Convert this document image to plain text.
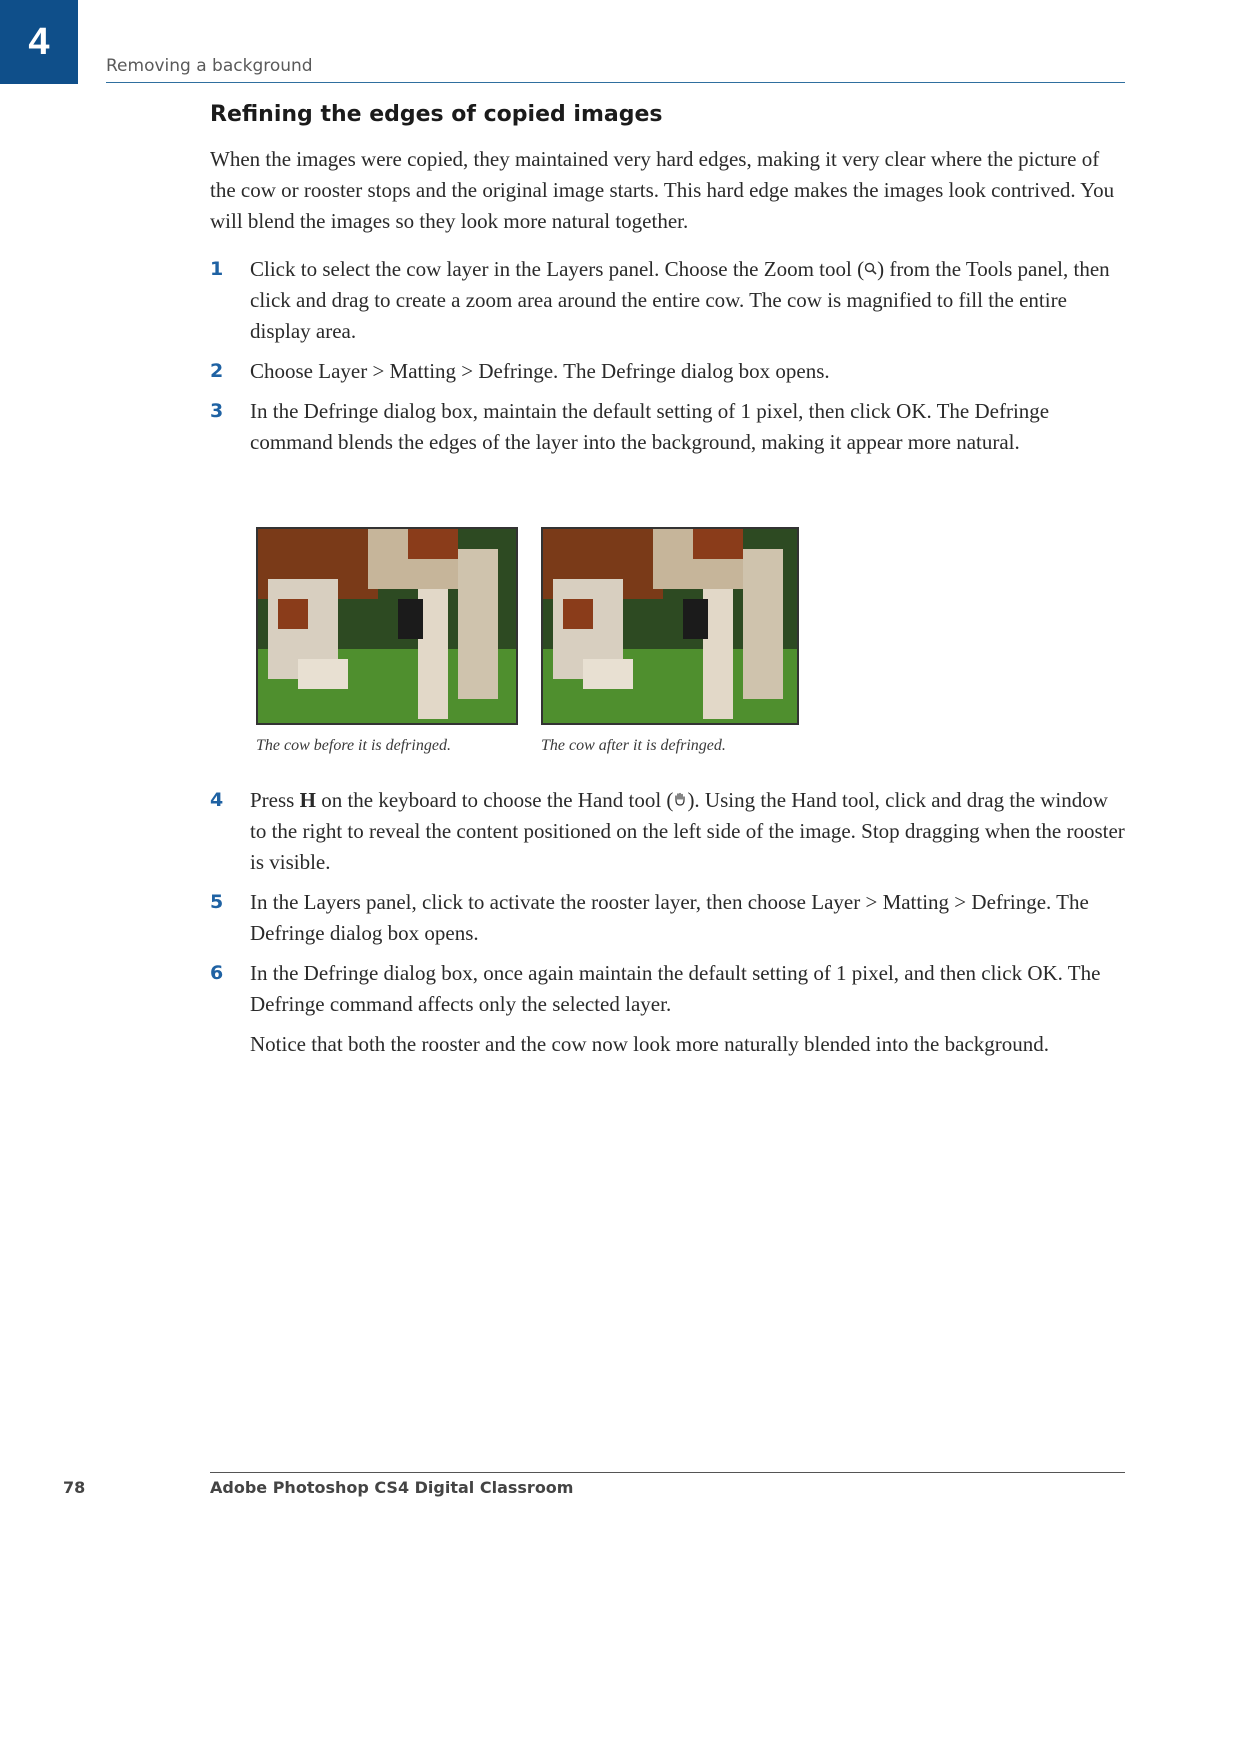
4
Removing a background
Refining the edges of copied images

When the images were copied, they maintained very hard edges, making it very clear where the picture of the cow or rooster stops and the original image starts. This hard edge makes the images look contrived. You will blend the images so they look more natural together.

1 Click to select the cow layer in the Layers panel. Choose the Zoom tool ( ) from the Tools panel, then click and drag to create a zoom area around the entire cow. The cow is magnified to fill the entire display area.
2 Choose Layer > Matting > Defringe. The Defringe dialog box opens.
3 In the Defringe dialog box, maintain the default setting of 1 pixel, then click OK. The Defringe command blends the edges of the layer into the background, making it appear more natural.
The cow before it is defringed.	The cow after it is defringed.
4 Press H on the keyboard to choose the Hand tool ( ). Using the Hand tool, click and drag the window to the right to reveal the content positioned on the left side of the image. Stop dragging when the rooster is visible.
5 In the Layers panel, click to activate the rooster layer, then choose Layer > Matting > Defringe. The Defringe dialog box opens.
6 In the Defringe dialog box, once again maintain the default setting of 1 pixel, and then click OK. The Defringe command affects only the selected layer.
Notice that both the rooster and the cow now look more naturally blended into the background.
78	Adobe Photoshop CS4 Digital Classroom
